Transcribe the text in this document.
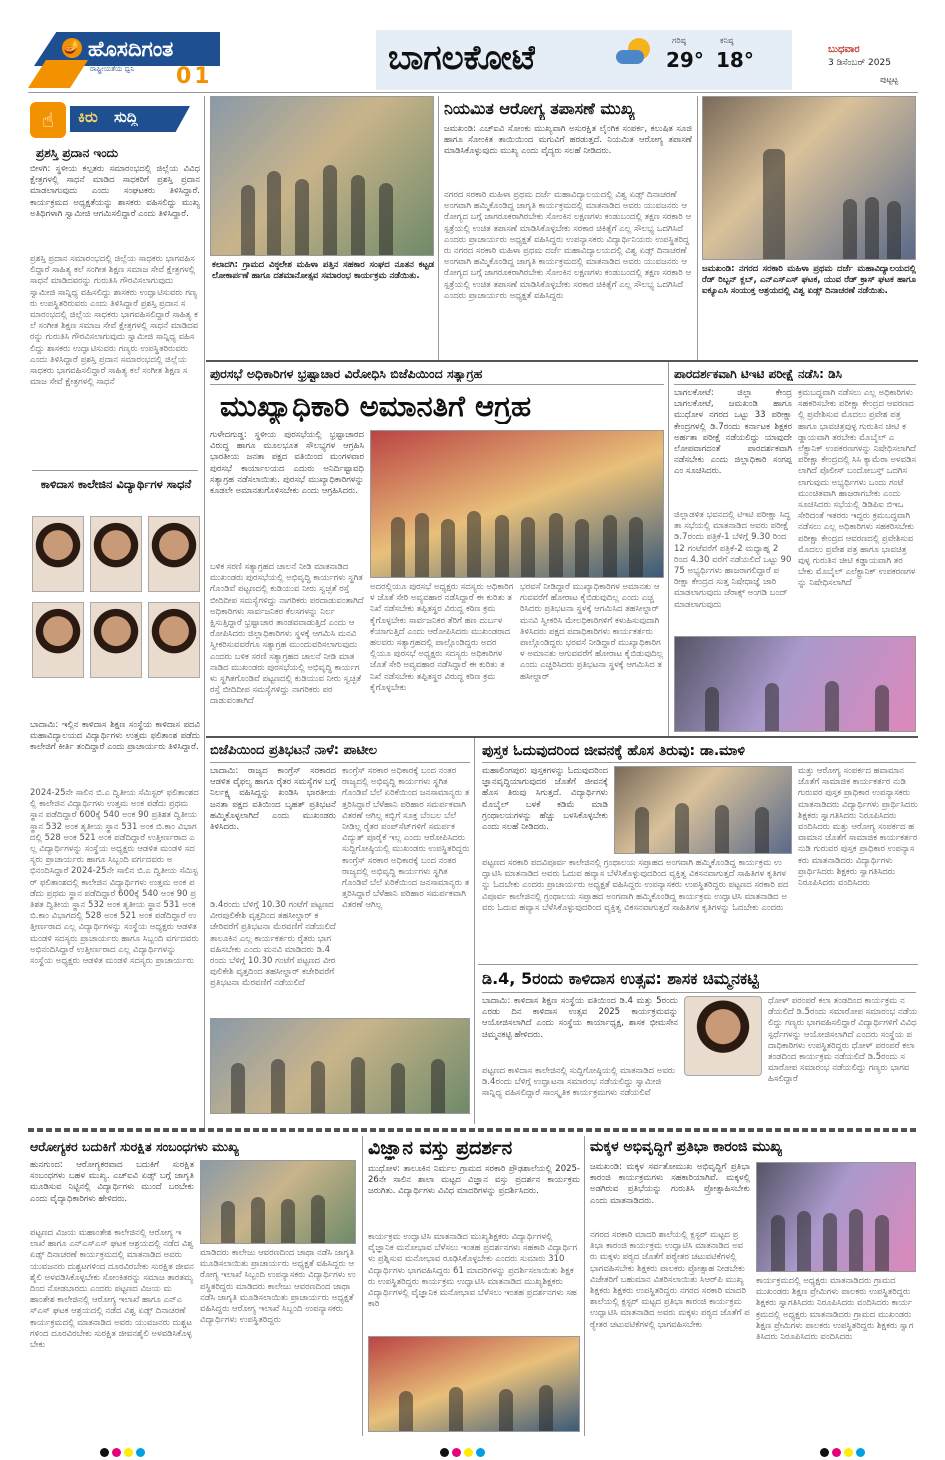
🪔 ಹೊಸದಿಗಂತ
ರಾಷ್ಟ್ರೀಯತೆಯ ಧ್ವನಿ 01	ಬಾಗಲಕೋಟೆ	ಗರಿಷ್ಠ
29°
ಕನಿಷ್ಠ
18°	ಬುಧವಾರ
3 ಡಿಸೆಂಬರ್ 2025
ಪುಟ್ಟಟ್ಟ
☝	ಕಿರು ಸುದ್ದಿ
ಪ್ರಶಸ್ತಿ ಪ್ರದಾನ ಇಂದು
ಬೀಳಗಿ: ಸ್ಥಳೀಯ ಕಲ್ಪತರು ಸಮಾರಂಭದಲ್ಲಿ ಜಿಲ್ಲೆಯ ವಿವಿಧ ಕ್ಷೇತ್ರಗಳಲ್ಲಿ ಸಾಧನೆ ಮಾಡಿದ ಸಾಧಕರಿಗೆ ಪ್ರಶಸ್ತಿ ಪ್ರದಾನ ಮಾಡಲಾಗುವುದು ಎಂದು ಸಂಘಟಕರು ತಿಳಿಸಿದ್ದಾರೆ. ಕಾರ್ಯಕ್ರಮದ ಅಧ್ಯಕ್ಷತೆಯನ್ನು ಶಾಸಕರು ವಹಿಸಲಿದ್ದು ಮುಖ್ಯ ಅತಿಥಿಗಳಾಗಿ ಸ್ವಾಮೀಜಿ ಆಗಮಿಸಲಿದ್ದಾರೆ ಎಂದು ತಿಳಿಸಿದ್ದಾರೆ.
ಪ್ರಶಸ್ತಿ ಪ್ರದಾನ ಸಮಾರಂಭದಲ್ಲಿ ಜಿಲ್ಲೆಯ ಸಾಧಕರು ಭಾಗವಹಿಸಲಿದ್ದಾರೆ ಸಾಹಿತ್ಯ ಕಲೆ ಸಂಗೀತ ಶಿಕ್ಷಣ ಸಮಾಜ ಸೇವೆ ಕ್ಷೇತ್ರಗಳಲ್ಲಿ ಸಾಧನೆ ಮಾಡಿದವರನ್ನು ಗುರುತಿಸಿ ಗೌರವಿಸಲಾಗುವುದು ಸ್ವಾಮೀಜಿ ಸಾನ್ನಿಧ್ಯ ವಹಿಸಲಿದ್ದು ಶಾಸಕರು ಉದ್ಘಾಟಿಸುವರು ಗಣ್ಯರು ಉಪಸ್ಥಿತರಿರುವರು ಎಂದು ತಿಳಿಸಿದ್ದಾರೆ ಪ್ರಶಸ್ತಿ ಪ್ರದಾನ ಸಮಾರಂಭದಲ್ಲಿ ಜಿಲ್ಲೆಯ ಸಾಧಕರು ಭಾಗವಹಿಸಲಿದ್ದಾರೆ ಸಾಹಿತ್ಯ ಕಲೆ ಸಂಗೀತ ಶಿಕ್ಷಣ ಸಮಾಜ ಸೇವೆ ಕ್ಷೇತ್ರಗಳಲ್ಲಿ ಸಾಧನೆ ಮಾಡಿದವರನ್ನು ಗುರುತಿಸಿ ಗೌರವಿಸಲಾಗುವುದು ಸ್ವಾಮೀಜಿ ಸಾನ್ನಿಧ್ಯ ವಹಿಸಲಿದ್ದು ಶಾಸಕರು ಉದ್ಘಾಟಿಸುವರು ಗಣ್ಯರು ಉಪಸ್ಥಿತರಿರುವರು ಎಂದು ತಿಳಿಸಿದ್ದಾರೆ ಪ್ರಶಸ್ತಿ ಪ್ರದಾನ ಸಮಾರಂಭದಲ್ಲಿ ಜಿಲ್ಲೆಯ ಸಾಧಕರು ಭಾಗವಹಿಸಲಿದ್ದಾರೆ ಸಾಹಿತ್ಯ ಕಲೆ ಸಂಗೀತ ಶಿಕ್ಷಣ ಸಮಾಜ ಸೇವೆ ಕ್ಷೇತ್ರಗಳಲ್ಲಿ ಸಾಧನೆ
ಕಾಳಿದಾಸ ಕಾಲೇಜಿನ ವಿದ್ಯಾರ್ಥಿಗಳ ಸಾಧನೆ
ಬಾದಾಮಿ: ಇಲ್ಲಿನ ಕಾಳಿದಾಸ ಶಿಕ್ಷಣ ಸಂಸ್ಥೆಯ ಕಾಳಿದಾಸ ಪದವಿ ಮಹಾವಿದ್ಯಾಲಯದ ವಿದ್ಯಾರ್ಥಿಗಳು ಉತ್ತಮ ಫಲಿತಾಂಶ ಪಡೆದು ಕಾಲೇಜಿಗೆ ಕೀರ್ತಿ ತಂದಿದ್ದಾರೆ ಎಂದು ಪ್ರಾಚಾರ್ಯರು ತಿಳಿಸಿದ್ದಾರೆ.
2024-25ನೇ ಸಾಲಿನ ಬಿ.ಎ ದ್ವಿತೀಯ ಸೆಮಿಸ್ಟರ್ ಫಲಿತಾಂಶದಲ್ಲಿ ಕಾಲೇಜಿನ ವಿದ್ಯಾರ್ಥಿಗಳು ಉತ್ತಮ ಅಂಕ ಪಡೆದು ಪ್ರಥಮ ಸ್ಥಾನ ಪಡೆದಿದ್ದಾರೆ 600ಕ್ಕೆ 540 ಅಂಕ 90 ಪ್ರತಿಶತ ದ್ವಿತೀಯ ಸ್ಥಾನ 532 ಅಂಕ ತೃತೀಯ ಸ್ಥಾನ 531 ಅಂಕ ಬಿ.ಕಾಂ ವಿಭಾಗದಲ್ಲಿ 528 ಅಂಕ 521 ಅಂಕ ಪಡೆದಿದ್ದಾರೆ ಉತ್ತೀರ್ಣರಾದ ಎಲ್ಲ ವಿದ್ಯಾರ್ಥಿಗಳನ್ನು ಸಂಸ್ಥೆಯ ಅಧ್ಯಕ್ಷರು ಆಡಳಿತ ಮಂಡಳಿ ಸದಸ್ಯರು ಪ್ರಾಚಾರ್ಯರು ಹಾಗೂ ಸಿಬ್ಬಂದಿ ವರ್ಗದವರು ಅಭಿನಂದಿಸಿದ್ದಾರೆ 2024-25ನೇ ಸಾಲಿನ ಬಿ.ಎ ದ್ವಿತೀಯ ಸೆಮಿಸ್ಟರ್ ಫಲಿತಾಂಶದಲ್ಲಿ ಕಾಲೇಜಿನ ವಿದ್ಯಾರ್ಥಿಗಳು ಉತ್ತಮ ಅಂಕ ಪಡೆದು ಪ್ರಥಮ ಸ್ಥಾನ ಪಡೆದಿದ್ದಾರೆ 600ಕ್ಕೆ 540 ಅಂಕ 90 ಪ್ರತಿಶತ ದ್ವಿತೀಯ ಸ್ಥಾನ 532 ಅಂಕ ತೃತೀಯ ಸ್ಥಾನ 531 ಅಂಕ ಬಿ.ಕಾಂ ವಿಭಾಗದಲ್ಲಿ 528 ಅಂಕ 521 ಅಂಕ ಪಡೆದಿದ್ದಾರೆ ಉತ್ತೀರ್ಣರಾದ ಎಲ್ಲ ವಿದ್ಯಾರ್ಥಿಗಳನ್ನು ಸಂಸ್ಥೆಯ ಅಧ್ಯಕ್ಷರು ಆಡಳಿತ ಮಂಡಳಿ ಸದಸ್ಯರು ಪ್ರಾಚಾರ್ಯರು ಹಾಗೂ ಸಿಬ್ಬಂದಿ ವರ್ಗದವರು ಅಭಿನಂದಿಸಿದ್ದಾರೆ ಉತ್ತೀರ್ಣರಾದ ಎಲ್ಲ ವಿದ್ಯಾರ್ಥಿಗಳನ್ನು ಸಂಸ್ಥೆಯ ಅಧ್ಯಕ್ಷರು ಆಡಳಿತ ಮಂಡಳಿ ಸದಸ್ಯರು ಪ್ರಾಚಾರ್ಯರು
ಕಲಾದಗಿ: ಗ್ರಾಮದ ವಿಠ್ಠಲೇಶ ಮಹಿಳಾ ಪತ್ತಿನ ಸಹಕಾರ ಸಂಘದ ನೂತನ ಕಟ್ಟಡ ಲೋಕಾರ್ಪಣೆ ಹಾಗೂ ದಶಮಾನೋತ್ಸವ ಸಮಾರಂಭ ಕಾರ್ಯಕ್ರಮ ನಡೆಯಿತು.
ನಿಯಮಿತ ಆರೋಗ್ಯ ತಪಾಸಣೆ ಮುಖ್ಯ
ಜಮಖಂಡಿ: ಎಚ್ಐವಿ ಸೋಂಕು ಮುಖ್ಯವಾಗಿ ಅಸುರಕ್ಷಿತ ಲೈಂಗಿಕ ಸಂಪರ್ಕ, ಕಲುಷಿತ ಸೂಜಿ ಹಾಗೂ ಸೋಂಕಿತ ತಾಯಿಯಿಂದ ಮಗುವಿಗೆ ಹರಡುತ್ತದೆ. ನಿಯಮಿತ ಆರೋಗ್ಯ ತಪಾಸಣೆ ಮಾಡಿಸಿಕೊಳ್ಳುವುದು ಮುಖ್ಯ ಎಂದು ವೈದ್ಯರು ಸಲಹೆ ನೀಡಿದರು.
ನಗರದ ಸರಕಾರಿ ಮಹಿಳಾ ಪ್ರಥಮ ದರ್ಜೆ ಮಹಾವಿದ್ಯಾಲಯದಲ್ಲಿ ವಿಶ್ವ ಏಡ್ಸ್ ದಿನಾಚರಣೆ ಅಂಗವಾಗಿ ಹಮ್ಮಿಕೊಂಡಿದ್ದ ಜಾಗೃತಿ ಕಾರ್ಯಕ್ರಮದಲ್ಲಿ ಮಾತನಾಡಿದ ಅವರು ಯುವಜನರು ಆರೋಗ್ಯದ ಬಗ್ಗೆ ಜಾಗರೂಕರಾಗಿರಬೇಕು ಸೋಂಕಿನ ಲಕ್ಷಣಗಳು ಕಂಡುಬಂದಲ್ಲಿ ತಕ್ಷಣ ಸರಕಾರಿ ಆಸ್ಪತ್ರೆಯಲ್ಲಿ ಉಚಿತ ತಪಾಸಣೆ ಮಾಡಿಸಿಕೊಳ್ಳಬೇಕು ಸರಕಾರ ಚಿಕಿತ್ಸೆಗೆ ಎಲ್ಲ ಸೌಲಭ್ಯ ಒದಗಿಸಿದೆ ಎಂದರು ಪ್ರಾಚಾರ್ಯರು ಅಧ್ಯಕ್ಷತೆ ವಹಿಸಿದ್ದರು ಉಪನ್ಯಾಸಕರು ವಿದ್ಯಾರ್ಥಿನಿಯರು ಉಪಸ್ಥಿತರಿದ್ದರು ನಗರದ ಸರಕಾರಿ ಮಹಿಳಾ ಪ್ರಥಮ ದರ್ಜೆ ಮಹಾವಿದ್ಯಾಲಯದಲ್ಲಿ ವಿಶ್ವ ಏಡ್ಸ್ ದಿನಾಚರಣೆ ಅಂಗವಾಗಿ ಹಮ್ಮಿಕೊಂಡಿದ್ದ ಜಾಗೃತಿ ಕಾರ್ಯಕ್ರಮದಲ್ಲಿ ಮಾತನಾಡಿದ ಅವರು ಯುವಜನರು ಆರೋಗ್ಯದ ಬಗ್ಗೆ ಜಾಗರೂಕರಾಗಿರಬೇಕು ಸೋಂಕಿನ ಲಕ್ಷಣಗಳು ಕಂಡುಬಂದಲ್ಲಿ ತಕ್ಷಣ ಸರಕಾರಿ ಆಸ್ಪತ್ರೆಯಲ್ಲಿ ಉಚಿತ ತಪಾಸಣೆ ಮಾಡಿಸಿಕೊಳ್ಳಬೇಕು ಸರಕಾರ ಚಿಕಿತ್ಸೆಗೆ ಎಲ್ಲ ಸೌಲಭ್ಯ ಒದಗಿಸಿದೆ ಎಂದರು ಪ್ರಾಚಾರ್ಯರು ಅಧ್ಯಕ್ಷತೆ ವಹಿಸಿದ್ದರು
ಜಮಖಂಡಿ: ನಗರದ ಸರಕಾರಿ ಮಹಿಳಾ ಪ್ರಥಮ ದರ್ಜೆ ಮಹಾವಿದ್ಯಾಲಯದಲ್ಲಿ ರೆಡ್ ರಿಬ್ಬನ್ ಕ್ಲಬ್, ಎನ್ಎಸ್ಎಸ್ ಘಟಕ, ಯುವ ರೆಡ್ ಕ್ರಾಸ್ ಘಟಕ ಹಾಗೂ ಐಕ್ಯೂಎಸಿ ಸಂಯುಕ್ತ ಆಶ್ರಯದಲ್ಲಿ ವಿಶ್ವ ಏಡ್ಸ್ ದಿನಾಚರಣೆ ನಡೆಯಿತು.
ಪುರಸಭೆ ಅಧಿಕಾರಿಗಳ ಭ್ರಷ್ಟಾಚಾರ ವಿರೋಧಿಸಿ ಬಿಜೆಪಿಯಿಂದ ಸತ್ಯಾಗ್ರಹ
ಮುಖ್ಯಾಧಿಕಾರಿ ಅಮಾನತಿಗೆ ಆಗ್ರಹ
ಗುಳೇದಗುಡ್ಡ: ಸ್ಥಳೀಯ ಪುರಸಭೆಯಲ್ಲಿ ಭ್ರಷ್ಟಾಚಾರದ ವಿರುದ್ಧ ಹಾಗೂ ಮೂಲಭೂತ ಸೌಲಭ್ಯಗಳ ಆಗ್ರಹಿಸಿ ಭಾರತೀಯ ಜನತಾ ಪಕ್ಷದ ವತಿಯಿಂದ ಮಂಗಳವಾರ ಪುರಸಭೆ ಕಾರ್ಯಾಲಯದ ಎದುರು ಅನಿರ್ದಿಷ್ಟಾವಧಿ ಸತ್ಯಾಗ್ರಹ ನಡೆಸಲಾಯಿತು. ಪುರಸಭೆ ಮುಖ್ಯಾಧಿಕಾರಿಗಳನ್ನು ಕೂಡಲೇ ಅಮಾನತುಗೊಳಿಸಬೇಕು ಎಂದು ಆಗ್ರಹಿಸಿದರು.
ಬಳಿಕ ಸರಣಿ ಸತ್ಯಾಗ್ರಹದ ಚಾಲನೆ ನೀಡಿ ಮಾತನಾಡಿದ ಮುಖಂಡರು ಪುರಸಭೆಯಲ್ಲಿ ಅಭಿವೃದ್ಧಿ ಕಾರ್ಯಗಳು ಸ್ಥಗಿತಗೊಂಡಿವೆ ಪಟ್ಟಣದಲ್ಲಿ ಕುಡಿಯುವ ನೀರು ಸ್ವಚ್ಛತೆ ರಸ್ತೆ ಬೀದಿದೀಪ ಸಮಸ್ಯೆಗಳಿದ್ದು ನಾಗರಿಕರು ಪರದಾಡುವಂತಾಗಿದೆ ಅಧಿಕಾರಿಗಳು ಸಾರ್ವಜನಿಕರ ಕೆಲಸಗಳನ್ನು ನಿರ್ಲಕ್ಷಿಸುತ್ತಿದ್ದಾರೆ ಭ್ರಷ್ಟಾಚಾರ ತಾಂಡವವಾಡುತ್ತಿದೆ ಎಂದು ಆರೋಪಿಸಿದರು ಜಿಲ್ಲಾಧಿಕಾರಿಗಳು ಸ್ಥಳಕ್ಕೆ ಆಗಮಿಸಿ ಮನವಿ ಸ್ವೀಕರಿಸುವವರೆಗೂ ಸತ್ಯಾಗ್ರಹ ಮುಂದುವರಿಸಲಾಗುವುದು ಎಂದರು ಬಳಿಕ ಸರಣಿ ಸತ್ಯಾಗ್ರಹದ ಚಾಲನೆ ನೀಡಿ ಮಾತನಾಡಿದ ಮುಖಂಡರು ಪುರಸಭೆಯಲ್ಲಿ ಅಭಿವೃದ್ಧಿ ಕಾರ್ಯಗಳು ಸ್ಥಗಿತಗೊಂಡಿವೆ ಪಟ್ಟಣದಲ್ಲಿ ಕುಡಿಯುವ ನೀರು ಸ್ವಚ್ಛತೆ ರಸ್ತೆ ಬೀದಿದೀಪ ಸಮಸ್ಯೆಗಳಿದ್ದು ನಾಗರಿಕರು ಪರದಾಡುವಂತಾಗಿದೆ
ಅದರಲ್ಲಿಯೂ ಪುರಸಭೆ ಅಧ್ಯಕ್ಷರು ಸದಸ್ಯರು ಅಧಿಕಾರಿಗಳ ಜೊತೆ ಸೇರಿ ಅವ್ಯವಹಾರ ನಡೆಸಿದ್ದಾರೆ ಈ ಕುರಿತು ತನಿಖೆ ನಡೆಸಬೇಕು ತಪ್ಪಿತಸ್ಥರ ವಿರುದ್ಧ ಕಠಿಣ ಕ್ರಮ ಕೈಗೊಳ್ಳಬೇಕು ಸಾರ್ವಜನಿಕರ ತೆರಿಗೆ ಹಣ ದುರ್ಬಳಕೆಯಾಗುತ್ತಿದೆ ಎಂದು ಆರೋಪಿಸಿದರು ಮುಖಂಡರಾದ ಹಲವರು ಸತ್ಯಾಗ್ರಹದಲ್ಲಿ ಪಾಲ್ಗೊಂಡಿದ್ದರು ಅದರಲ್ಲಿಯೂ ಪುರಸಭೆ ಅಧ್ಯಕ್ಷರು ಸದಸ್ಯರು ಅಧಿಕಾರಿಗಳ ಜೊತೆ ಸೇರಿ ಅವ್ಯವಹಾರ ನಡೆಸಿದ್ದಾರೆ ಈ ಕುರಿತು ತನಿಖೆ ನಡೆಸಬೇಕು ತಪ್ಪಿತಸ್ಥರ ವಿರುದ್ಧ ಕಠಿಣ ಕ್ರಮ ಕೈಗೊಳ್ಳಬೇಕು
ಭರವಸೆ ನೀಡಿದ್ದಾರೆ ಮುಖ್ಯಾಧಿಕಾರಿಗಳ ಅಮಾನತು ಆಗುವವರೆಗೆ ಹೋರಾಟ ಕೈಬಿಡುವುದಿಲ್ಲ ಎಂದು ಎಚ್ಚರಿಸಿದರು ಪ್ರತಿಭಟನಾ ಸ್ಥಳಕ್ಕೆ ಆಗಮಿಸಿದ ತಹಸೀಲ್ದಾರ್ ಮನವಿ ಸ್ವೀಕರಿಸಿ ಮೇಲಧಿಕಾರಿಗಳಿಗೆ ಕಳುಹಿಸುವುದಾಗಿ ತಿಳಿಸಿದರು ಪಕ್ಷದ ಪದಾಧಿಕಾರಿಗಳು ಕಾರ್ಯಕರ್ತರು ಪಾಲ್ಗೊಂಡಿದ್ದರು ಭರವಸೆ ನೀಡಿದ್ದಾರೆ ಮುಖ್ಯಾಧಿಕಾರಿಗಳ ಅಮಾನತು ಆಗುವವರೆಗೆ ಹೋರಾಟ ಕೈಬಿಡುವುದಿಲ್ಲ ಎಂದು ಎಚ್ಚರಿಸಿದರು ಪ್ರತಿಭಟನಾ ಸ್ಥಳಕ್ಕೆ ಆಗಮಿಸಿದ ತಹಸೀಲ್ದಾರ್
ಪಾರದರ್ಶಕವಾಗಿ ಟಿಇಟಿ ಪರೀಕ್ಷೆ ನಡೆಸಿ: ಡಿಸಿ
ಬಾಗಲಕೋಟೆ: ಜಿಲ್ಲಾ ಕೇಂದ್ರ ಬಾಗಲಕೋಟೆ, ಜಮಖಂಡಿ ಹಾಗೂ ಮುಧೋಳ ನಗರದ ಒಟ್ಟು 33 ಪರೀಕ್ಷಾ ಕೇಂದ್ರಗಳಲ್ಲಿ ಡಿ.7ರಂದು ಕರ್ನಾಟಕ ಶಿಕ್ಷಕರ ಅರ್ಹತಾ ಪರೀಕ್ಷೆ ನಡೆಯಲಿದ್ದು ಯಾವುದೇ ಲೋಪವಾಗದಂತೆ ಪಾರದರ್ಶಕವಾಗಿ ನಡೆಸಬೇಕು ಎಂದು ಜಿಲ್ಲಾಧಿಕಾರಿ ಸಂಗಪ್ಪ ಎಂ ಸೂಚಿಸಿದರು.
ಜಿಲ್ಲಾಡಳಿತ ಭವನದಲ್ಲಿ ಟಿಇಟಿ ಪರೀಕ್ಷಾ ಸಿದ್ಧತಾ ಸಭೆಯಲ್ಲಿ ಮಾತನಾಡಿದ ಅವರು ಪರೀಕ್ಷೆ ಡಿ.7ರಂದು ಪತ್ರಿಕೆ-1 ಬೆಳಿಗ್ಗೆ 9.30 ರಿಂದ 12 ಗಂಟೆವರೆಗೆ ಪತ್ರಿಕೆ-2 ಮಧ್ಯಾಹ್ನ 2 ರಿಂದ 4.30 ವರೆಗೆ ನಡೆಯಲಿದೆ ಒಟ್ಟು 9075 ಅಭ್ಯರ್ಥಿಗಳು ಹಾಜರಾಗಲಿದ್ದಾರೆ ಪರೀಕ್ಷಾ ಕೇಂದ್ರದ ಸುತ್ತ ನಿಷೇಧಾಜ್ಞೆ ಜಾರಿ ಮಾಡಲಾಗುವುದು ಜೆರಾಕ್ಸ್ ಅಂಗಡಿ ಬಂದ್ ಮಾಡಲಾಗುವುದು
ಕ್ರಮಬದ್ಧವಾಗಿ ನಡೆಸಲು ಎಲ್ಲ ಅಧಿಕಾರಿಗಳು ಸಹಕರಿಸಬೇಕು ಪರೀಕ್ಷಾ ಕೇಂದ್ರದ ಆವರಣದಲ್ಲಿ ಪ್ರವೇಶಿಸುವ ಮೊದಲು ಪ್ರವೇಶ ಪತ್ರ ಹಾಗೂ ಭಾವಚಿತ್ರವುಳ್ಳ ಗುರುತಿನ ಚೀಟಿ ಕಡ್ಡಾಯವಾಗಿ ತರಬೇಕು ಮೊಬೈಲ್ ಎಲೆಕ್ಟ್ರಾನಿಕ್ ಉಪಕರಣಗಳನ್ನು ನಿಷೇಧಿಸಲಾಗಿದೆ ಪರೀಕ್ಷಾ ಕೇಂದ್ರದಲ್ಲಿ ಸಿಸಿ ಕ್ಯಾಮೆರಾ ಅಳವಡಿಸಲಾಗಿದೆ ಪೊಲೀಸ್ ಬಂದೋಬಸ್ತ್ ಒದಗಿಸಲಾಗುವುದು ಅಭ್ಯರ್ಥಿಗಳು ಒಂದು ಗಂಟೆ ಮುಂಚಿತವಾಗಿ ಹಾಜರಾಗಬೇಕು ಎಂದು ಸೂಚಿಸಿದರು ಸಭೆಯಲ್ಲಿ ಡಿಡಿಪಿಐ ಬಿಇಒ ಸೇರಿದಂತೆ ಇತರರು ಇದ್ದರು ಕ್ರಮಬದ್ಧವಾಗಿ ನಡೆಸಲು ಎಲ್ಲ ಅಧಿಕಾರಿಗಳು ಸಹಕರಿಸಬೇಕು ಪರೀಕ್ಷಾ ಕೇಂದ್ರದ ಆವರಣದಲ್ಲಿ ಪ್ರವೇಶಿಸುವ ಮೊದಲು ಪ್ರವೇಶ ಪತ್ರ ಹಾಗೂ ಭಾವಚಿತ್ರವುಳ್ಳ ಗುರುತಿನ ಚೀಟಿ ಕಡ್ಡಾಯವಾಗಿ ತರಬೇಕು ಮೊಬೈಲ್ ಎಲೆಕ್ಟ್ರಾನಿಕ್ ಉಪಕರಣಗಳನ್ನು ನಿಷೇಧಿಸಲಾಗಿದೆ
ಬಿಜೆಪಿಯಿಂದ ಪ್ರತಿಭಟನೆ ನಾಳೆ: ಪಾಟೀಲ
ಬಾದಾಮಿ: ರಾಜ್ಯದ ಕಾಂಗ್ರೆಸ್ ಸರಕಾರದ ಆಡಳಿತ ವೈಫಲ್ಯ ಹಾಗೂ ರೈತರ ಸಮಸ್ಯೆಗಳ ಬಗ್ಗೆ ನಿರ್ಲಕ್ಷ್ಯ ವಹಿಸಿದ್ದನ್ನು ಖಂಡಿಸಿ ಭಾರತೀಯ ಜನತಾ ಪಕ್ಷದ ವತಿಯಿಂದ ಬೃಹತ್ ಪ್ರತಿಭಟನೆ ಹಮ್ಮಿಕೊಳ್ಳಲಾಗಿದೆ ಎಂದು ಮುಖಂಡರು ತಿಳಿಸಿದರು.
ಡಿ.4ರಂದು ಬೆಳಿಗ್ಗೆ 10.30 ಗಂಟೆಗೆ ಪಟ್ಟಣದ ವೀರಪುಲಿಕೇಶಿ ವೃತ್ತದಿಂದ ತಹಸೀಲ್ದಾರ್ ಕಚೇರಿವರೆಗೆ ಪ್ರತಿಭಟನಾ ಮೆರವಣಿಗೆ ನಡೆಯಲಿದೆ ತಾಲೂಕಿನ ಎಲ್ಲ ಕಾರ್ಯಕರ್ತರು ರೈತರು ಭಾಗವಹಿಸಬೇಕು ಎಂದು ಮನವಿ ಮಾಡಿದರು ಡಿ.4ರಂದು ಬೆಳಿಗ್ಗೆ 10.30 ಗಂಟೆಗೆ ಪಟ್ಟಣದ ವೀರಪುಲಿಕೇಶಿ ವೃತ್ತದಿಂದ ತಹಸೀಲ್ದಾರ್ ಕಚೇರಿವರೆಗೆ ಪ್ರತಿಭಟನಾ ಮೆರವಣಿಗೆ ನಡೆಯಲಿದೆ
ಕಾಂಗ್ರೆಸ್ ಸರಕಾರ ಅಧಿಕಾರಕ್ಕೆ ಬಂದ ನಂತರ ರಾಜ್ಯದಲ್ಲಿ ಅಭಿವೃದ್ಧಿ ಕಾರ್ಯಗಳು ಸ್ಥಗಿತಗೊಂಡಿವೆ ಬೆಲೆ ಏರಿಕೆಯಿಂದ ಜನಸಾಮಾನ್ಯರು ತತ್ತರಿಸಿದ್ದಾರೆ ಬೆಳೆಹಾನಿ ಪರಿಹಾರ ಸಮರ್ಪಕವಾಗಿ ವಿತರಣೆ ಆಗಿಲ್ಲ ಕಬ್ಬಿಗೆ ಸೂಕ್ತ ಬೆಂಬಲ ಬೆಲೆ ನೀಡಿಲ್ಲ ರೈತರ ಪಂಪ್‌ಸೆಟ್‌ಗಳಿಗೆ ಸಮರ್ಪಕ ವಿದ್ಯುತ್ ಪೂರೈಕೆ ಇಲ್ಲ ಎಂದು ಆರೋಪಿಸಿದರು ಸುದ್ದಿಗೋಷ್ಠಿಯಲ್ಲಿ ಮುಖಂಡರು ಉಪಸ್ಥಿತರಿದ್ದರು ಕಾಂಗ್ರೆಸ್ ಸರಕಾರ ಅಧಿಕಾರಕ್ಕೆ ಬಂದ ನಂತರ ರಾಜ್ಯದಲ್ಲಿ ಅಭಿವೃದ್ಧಿ ಕಾರ್ಯಗಳು ಸ್ಥಗಿತಗೊಂಡಿವೆ ಬೆಲೆ ಏರಿಕೆಯಿಂದ ಜನಸಾಮಾನ್ಯರು ತತ್ತರಿಸಿದ್ದಾರೆ ಬೆಳೆಹಾನಿ ಪರಿಹಾರ ಸಮರ್ಪಕವಾಗಿ ವಿತರಣೆ ಆಗಿಲ್ಲ
ಪುಸ್ತಕ ಓದುವುದರಿಂದ ಜೀವನಕ್ಕೆ ಹೊಸ ತಿರುವು: ಡಾ.ಮಾಳಿ
ಮಹಾಲಿಂಗಪುರ: ಪುಸ್ತಕಗಳನ್ನು ಓದುವುದರಿಂದ ಜ್ಞಾನವೃದ್ಧಿಯಾಗುವುದರ ಜೊತೆಗೆ ಜೀವನಕ್ಕೆ ಹೊಸ ತಿರುವು ಸಿಗುತ್ತದೆ. ವಿದ್ಯಾರ್ಥಿಗಳು ಮೊಬೈಲ್ ಬಳಕೆ ಕಡಿಮೆ ಮಾಡಿ ಗ್ರಂಥಾಲಯಗಳನ್ನು ಹೆಚ್ಚು ಬಳಸಿಕೊಳ್ಳಬೇಕು ಎಂದು ಸಲಹೆ ನೀಡಿದರು.
ಪಟ್ಟಣದ ಸರಕಾರಿ ಪದವಿಪೂರ್ವ ಕಾಲೇಜಿನಲ್ಲಿ ಗ್ರಂಥಾಲಯ ಸಪ್ತಾಹದ ಅಂಗವಾಗಿ ಹಮ್ಮಿಕೊಂಡಿದ್ದ ಕಾರ್ಯಕ್ರಮ ಉದ್ಘಾಟಿಸಿ ಮಾತನಾಡಿದ ಅವರು ಓದುವ ಹವ್ಯಾಸ ಬೆಳೆಸಿಕೊಳ್ಳುವುದರಿಂದ ವ್ಯಕ್ತಿತ್ವ ವಿಕಸನವಾಗುತ್ತದೆ ಸಾಹಿತಿಗಳ ಕೃತಿಗಳನ್ನು ಓದಬೇಕು ಎಂದರು ಪ್ರಾಚಾರ್ಯರು ಅಧ್ಯಕ್ಷತೆ ವಹಿಸಿದ್ದರು ಉಪನ್ಯಾಸಕರು ಉಪಸ್ಥಿತರಿದ್ದರು ಪಟ್ಟಣದ ಸರಕಾರಿ ಪದವಿಪೂರ್ವ ಕಾಲೇಜಿನಲ್ಲಿ ಗ್ರಂಥಾಲಯ ಸಪ್ತಾಹದ ಅಂಗವಾಗಿ ಹಮ್ಮಿಕೊಂಡಿದ್ದ ಕಾರ್ಯಕ್ರಮ ಉದ್ಘಾಟಿಸಿ ಮಾತನಾಡಿದ ಅವರು ಓದುವ ಹವ್ಯಾಸ ಬೆಳೆಸಿಕೊಳ್ಳುವುದರಿಂದ ವ್ಯಕ್ತಿತ್ವ ವಿಕಸನವಾಗುತ್ತದೆ ಸಾಹಿತಿಗಳ ಕೃತಿಗಳನ್ನು ಓದಬೇಕು ಎಂದರು
ಮತ್ತು ಆರೋಗ್ಯ ಸಂಪರ್ಕದ ಹವಾಮಾನ ಜೊತೆಗೆ ಸಾಮಾಜಿಕ ಕಾರ್ಯಕರ್ತರ ನುಡಿ ಗುರುವರ ಪುಸ್ತಕ ಪ್ರಾಧಿಕಾರ ಉಪನ್ಯಾಸಕರು ಮಾತನಾಡಿದರು ವಿದ್ಯಾರ್ಥಿಗಳು ಪ್ರಾರ್ಥಿಸಿದರು ಶಿಕ್ಷಕರು ಸ್ವಾಗತಿಸಿದರು ನಿರೂಪಿಸಿದರು ವಂದಿಸಿದರು ಮತ್ತು ಆರೋಗ್ಯ ಸಂಪರ್ಕದ ಹವಾಮಾನ ಜೊತೆಗೆ ಸಾಮಾಜಿಕ ಕಾರ್ಯಕರ್ತರ ನುಡಿ ಗುರುವರ ಪುಸ್ತಕ ಪ್ರಾಧಿಕಾರ ಉಪನ್ಯಾಸಕರು ಮಾತನಾಡಿದರು ವಿದ್ಯಾರ್ಥಿಗಳು ಪ್ರಾರ್ಥಿಸಿದರು ಶಿಕ್ಷಕರು ಸ್ವಾಗತಿಸಿದರು ನಿರೂಪಿಸಿದರು ವಂದಿಸಿದರು
ಡಿ.4, 5ರಂದು ಕಾಳಿದಾಸ ಉತ್ಸವ: ಶಾಸಕ ಚಿಮ್ಮನಕಟ್ಟಿ
ಬಾದಾಮಿ: ಕಾಳಿದಾಸ ಶಿಕ್ಷಣ ಸಂಸ್ಥೆಯ ವತಿಯಿಂದ ಡಿ.4 ಮತ್ತು 5ರಂದು ಎರಡು ದಿನ ಕಾಳಿದಾಸ ಉತ್ಸವ 2025 ಕಾರ್ಯಕ್ರಮವನ್ನು ಆಯೋಜಿಸಲಾಗಿದೆ ಎಂದು ಸಂಸ್ಥೆಯ ಕಾರ್ಯಾಧ್ಯಕ್ಷ, ಶಾಸಕ ಭೀಮಸೇನ ಚಿಮ್ಮನಕಟ್ಟಿ ಹೇಳಿದರು.
ಪಟ್ಟಣದ ಕಾಳಿದಾಸ ಕಾಲೇಜಿನಲ್ಲಿ ಸುದ್ದಿಗೋಷ್ಠಿಯಲ್ಲಿ ಮಾತನಾಡಿದ ಅವರು ಡಿ.4ರಂದು ಬೆಳಿಗ್ಗೆ ಉದ್ಘಾಟನಾ ಸಮಾರಂಭ ನಡೆಯಲಿದ್ದು ಸ್ವಾಮೀಜಿ ಸಾನ್ನಿಧ್ಯ ವಹಿಸಲಿದ್ದಾರೆ ಸಾಂಸ್ಕೃತಿಕ ಕಾರ್ಯಕ್ರಮಗಳು ನಡೆಯಲಿವೆ
ಧೋಳ್ ಪರಂಪರೆ ಕಲಾ ತಂಡದಿಂದ ಕಾರ್ಯಕ್ರಮ ನಡೆಯಲಿದೆ ಡಿ.5ರಂದು ಸಮಾರೋಪ ಸಮಾರಂಭ ನಡೆಯಲಿದ್ದು ಗಣ್ಯರು ಭಾಗವಹಿಸಲಿದ್ದಾರೆ ವಿದ್ಯಾರ್ಥಿಗಳಿಗೆ ವಿವಿಧ ಸ್ಪರ್ಧೆಗಳನ್ನು ಆಯೋಜಿಸಲಾಗಿದೆ ಎಂದರು ಸಂಸ್ಥೆಯ ಪದಾಧಿಕಾರಿಗಳು ಉಪಸ್ಥಿತರಿದ್ದರು ಧೋಳ್ ಪರಂಪರೆ ಕಲಾ ತಂಡದಿಂದ ಕಾರ್ಯಕ್ರಮ ನಡೆಯಲಿದೆ ಡಿ.5ರಂದು ಸಮಾರೋಪ ಸಮಾರಂಭ ನಡೆಯಲಿದ್ದು ಗಣ್ಯರು ಭಾಗವಹಿಸಲಿದ್ದಾರೆ
ಆರೋಗ್ಯಕರ ಬದುಕಿಗೆ ಸುರಕ್ಷಿತ ಸಂಬಂಧಗಳು ಮುಖ್ಯ
ಹುನಗುಂದ: ಆರೋಗ್ಯಕರವಾದ ಬದುಕಿಗೆ ಸುರಕ್ಷಿತ ಸಂಬಂಧಗಳು ಬಹಳ ಮುಖ್ಯ. ಎಚ್ಐವಿ ಏಡ್ಸ್ ಬಗ್ಗೆ ಜಾಗೃತಿ ಮೂಡಿಸುವ ನಿಟ್ಟಿನಲ್ಲಿ ವಿದ್ಯಾರ್ಥಿಗಳು ಮುಂದೆ ಬರಬೇಕು ಎಂದು ವೈದ್ಯಾಧಿಕಾರಿಗಳು ಹೇಳಿದರು.
ಪಟ್ಟಣದ ವಿಜಯ ಮಹಾಂತೇಶ ಕಾಲೇಜಿನಲ್ಲಿ ಆರೋಗ್ಯ ಇಲಾಖೆ ಹಾಗೂ ಎನ್ಎಸ್ಎಸ್ ಘಟಕ ಆಶ್ರಯದಲ್ಲಿ ನಡೆದ ವಿಶ್ವ ಏಡ್ಸ್ ದಿನಾಚರಣೆ ಕಾರ್ಯಕ್ರಮದಲ್ಲಿ ಮಾತನಾಡಿದ ಅವರು ಯುವಜನರು ದುಶ್ಚಟಗಳಿಂದ ದೂರವಿರಬೇಕು ಸುರಕ್ಷಿತ ಜೀವನಶೈಲಿ ಅಳವಡಿಸಿಕೊಳ್ಳಬೇಕು ಸೋಂಕಿತರನ್ನು ಸಮಾಜ ತಾರತಮ್ಯದಿಂದ ನೋಡಬಾರದು ಎಂದರು ಪಟ್ಟಣದ ವಿಜಯ ಮಹಾಂತೇಶ ಕಾಲೇಜಿನಲ್ಲಿ ಆರೋಗ್ಯ ಇಲಾಖೆ ಹಾಗೂ ಎನ್ಎಸ್ಎಸ್ ಘಟಕ ಆಶ್ರಯದಲ್ಲಿ ನಡೆದ ವಿಶ್ವ ಏಡ್ಸ್ ದಿನಾಚರಣೆ ಕಾರ್ಯಕ್ರಮದಲ್ಲಿ ಮಾತನಾಡಿದ ಅವರು ಯುವಜನರು ದುಶ್ಚಟಗಳಿಂದ ದೂರವಿರಬೇಕು ಸುರಕ್ಷಿತ ಜೀವನಶೈಲಿ ಅಳವಡಿಸಿಕೊಳ್ಳಬೇಕು
ಮಾಡಿದರು ಕಾಲೇಜು ಆವರಣದಿಂದ ಜಾಥಾ ನಡೆಸಿ ಜಾಗೃತಿ ಮೂಡಿಸಲಾಯಿತು ಪ್ರಾಚಾರ್ಯರು ಅಧ್ಯಕ್ಷತೆ ವಹಿಸಿದ್ದರು ಆರೋಗ್ಯ ಇಲಾಖೆ ಸಿಬ್ಬಂದಿ ಉಪನ್ಯಾಸಕರು ವಿದ್ಯಾರ್ಥಿಗಳು ಉಪಸ್ಥಿತರಿದ್ದರು ಮಾಡಿದರು ಕಾಲೇಜು ಆವರಣದಿಂದ ಜಾಥಾ ನಡೆಸಿ ಜಾಗೃತಿ ಮೂಡಿಸಲಾಯಿತು ಪ್ರಾಚಾರ್ಯರು ಅಧ್ಯಕ್ಷತೆ ವಹಿಸಿದ್ದರು ಆರೋಗ್ಯ ಇಲಾಖೆ ಸಿಬ್ಬಂದಿ ಉಪನ್ಯಾಸಕರು ವಿದ್ಯಾರ್ಥಿಗಳು ಉಪಸ್ಥಿತರಿದ್ದರು
ವಿಜ್ಞಾನ ವಸ್ತು ಪ್ರದರ್ಶನ
ಮುಧೋಳ: ತಾಲೂಕಿನ ನಿರ್ಮಲ ಗ್ರಾಮದ ಸರಕಾರಿ ಪ್ರೌಢಶಾಲೆಯಲ್ಲಿ 2025-26ನೇ ಸಾಲಿನ ಶಾಲಾ ಮಟ್ಟದ ವಿಜ್ಞಾನ ವಸ್ತು ಪ್ರದರ್ಶನ ಕಾರ್ಯಕ್ರಮ ಜರುಗಿತು. ವಿದ್ಯಾರ್ಥಿಗಳು ವಿವಿಧ ಮಾದರಿಗಳನ್ನು ಪ್ರದರ್ಶಿಸಿದರು.
ಕಾರ್ಯಕ್ರಮ ಉದ್ಘಾಟಿಸಿ ಮಾತನಾಡಿದ ಮುಖ್ಯಶಿಕ್ಷಕರು ವಿದ್ಯಾರ್ಥಿಗಳಲ್ಲಿ ವೈಜ್ಞಾನಿಕ ಮನೋಭಾವ ಬೆಳೆಸಲು ಇಂತಹ ಪ್ರದರ್ಶನಗಳು ಸಹಕಾರಿ ವಿದ್ಯಾರ್ಥಿಗಳು ಪ್ರಶ್ನಿಸುವ ಮನೋಭಾವ ರೂಢಿಸಿಕೊಳ್ಳಬೇಕು ಎಂದರು ಸುಮಾರು 310 ವಿದ್ಯಾರ್ಥಿಗಳು ಭಾಗವಹಿಸಿದ್ದರು 61 ಮಾದರಿಗಳನ್ನು ಪ್ರದರ್ಶಿಸಲಾಯಿತು ಶಿಕ್ಷಕರು ಉಪಸ್ಥಿತರಿದ್ದರು ಕಾರ್ಯಕ್ರಮ ಉದ್ಘಾಟಿಸಿ ಮಾತನಾಡಿದ ಮುಖ್ಯಶಿಕ್ಷಕರು ವಿದ್ಯಾರ್ಥಿಗಳಲ್ಲಿ ವೈಜ್ಞಾನಿಕ ಮನೋಭಾವ ಬೆಳೆಸಲು ಇಂತಹ ಪ್ರದರ್ಶನಗಳು ಸಹಕಾರಿ
ಮಕ್ಕಳ ಅಭಿವೃದ್ಧಿಗೆ ಪ್ರತಿಭಾ ಕಾರಂಜಿ ಮುಖ್ಯ
ಜಮಖಂಡಿ: ಮಕ್ಕಳ ಸರ್ವತೋಮುಖ ಅಭಿವೃದ್ಧಿಗೆ ಪ್ರತಿಭಾ ಕಾರಂಜಿ ಕಾರ್ಯಕ್ರಮಗಳು ಸಹಕಾರಿಯಾಗಿವೆ. ಮಕ್ಕಳಲ್ಲಿ ಅಡಗಿರುವ ಪ್ರತಿಭೆಯನ್ನು ಗುರುತಿಸಿ ಪ್ರೋತ್ಸಾಹಿಸಬೇಕು ಎಂದು ಮಾತನಾಡಿದರು.
ನಗರದ ಸರಕಾರಿ ಮಾದರಿ ಶಾಲೆಯಲ್ಲಿ ಕ್ಲಸ್ಟರ್ ಮಟ್ಟದ ಪ್ರತಿಭಾ ಕಾರಂಜಿ ಕಾರ್ಯಕ್ರಮ ಉದ್ಘಾಟಿಸಿ ಮಾತನಾಡಿದ ಅವರು ಮಕ್ಕಳು ಪಠ್ಯದ ಜೊತೆಗೆ ಪಠ್ಯೇತರ ಚಟುವಟಿಕೆಗಳಲ್ಲಿ ಭಾಗವಹಿಸಬೇಕು ಶಿಕ್ಷಕರು ಪಾಲಕರು ಪ್ರೋತ್ಸಾಹ ನೀಡಬೇಕು ವಿಜೇತರಿಗೆ ಬಹುಮಾನ ವಿತರಿಸಲಾಯಿತು ಸಿಆರ್‌ಪಿ ಮುಖ್ಯಶಿಕ್ಷಕರು ಶಿಕ್ಷಕರು ಉಪಸ್ಥಿತರಿದ್ದರು ನಗರದ ಸರಕಾರಿ ಮಾದರಿ ಶಾಲೆಯಲ್ಲಿ ಕ್ಲಸ್ಟರ್ ಮಟ್ಟದ ಪ್ರತಿಭಾ ಕಾರಂಜಿ ಕಾರ್ಯಕ್ರಮ ಉದ್ಘಾಟಿಸಿ ಮಾತನಾಡಿದ ಅವರು ಮಕ್ಕಳು ಪಠ್ಯದ ಜೊತೆಗೆ ಪಠ್ಯೇತರ ಚಟುವಟಿಕೆಗಳಲ್ಲಿ ಭಾಗವಹಿಸಬೇಕು
ಕಾರ್ಯಕ್ರಮದಲ್ಲಿ ಅಧ್ಯಕ್ಷರು ಮಾತನಾಡಿದರು ಗ್ರಾಮದ ಮುಖಂಡರು ಶಿಕ್ಷಣ ಪ್ರೇಮಿಗಳು ಪಾಲಕರು ಉಪಸ್ಥಿತರಿದ್ದರು ಶಿಕ್ಷಕರು ಸ್ವಾಗತಿಸಿದರು ನಿರೂಪಿಸಿದರು ವಂದಿಸಿದರು ಕಾರ್ಯಕ್ರಮದಲ್ಲಿ ಅಧ್ಯಕ್ಷರು ಮಾತನಾಡಿದರು ಗ್ರಾಮದ ಮುಖಂಡರು ಶಿಕ್ಷಣ ಪ್ರೇಮಿಗಳು ಪಾಲಕರು ಉಪಸ್ಥಿತರಿದ್ದರು ಶಿಕ್ಷಕರು ಸ್ವಾಗತಿಸಿದರು ನಿರೂಪಿಸಿದರು ವಂದಿಸಿದರು
